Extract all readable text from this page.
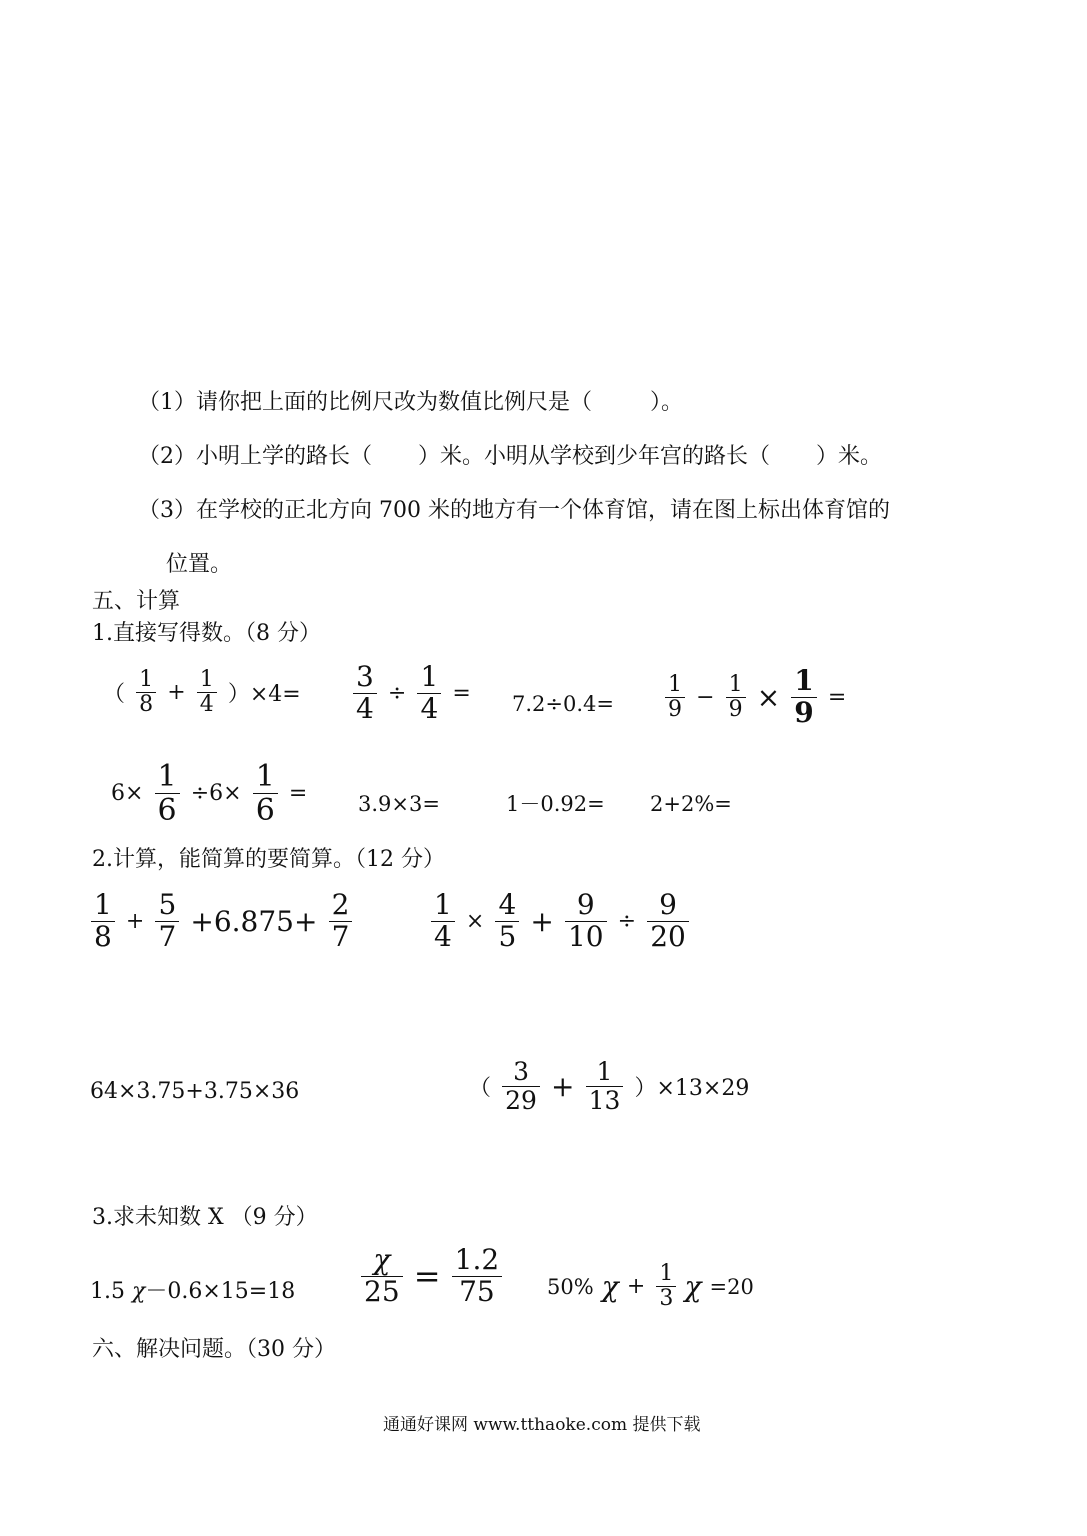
（1）请你把上面的比例尺改为数值比例尺是（	）。
（2）小明上学的路长（ ）米。小明从学校到少年宫的路长（ ）米。
（3）在学校的正北方向 700 米的地方有一个体育馆，请在图上标出体育馆的
位置。
五、计算
1.直接写得数。（8 分）
（ $\frac{1}{8} + \frac{1}{4} )\times 4= \frac{3}{4} \div \frac{1}{4} = 7.2\div 0.4= \frac{1}{9} - \frac{1}{9} \times \frac{1}{9}$ =
$6\times \frac{1}{6} \div 6\times \frac{1}{6} = 3.9\times 3=$	1－0.92= 2+2%=
2.计算，能简算的要简算。（12 分）
$\frac{1}{8} + \frac{5}{7} +6.875+ \frac{2}{7}$	$\frac{1}{4} \times \frac{4}{5} + \frac{9}{10} \div \frac{9}{20}$
64×3.75+3.75×36	（ $\frac{3}{29} + \frac{1}{13} )\times 13\times 29$
3.求未知数 X （9 分）
1.5 $\chi-0.6\times 15=18 \frac{\chi}{25} = \frac{1.2}{75} 50\%$ $\chi + \frac{1}{3}$ χ =20
六、解决问题。（30 分）
通通好课网 www.tthaoke.com 提供下载
